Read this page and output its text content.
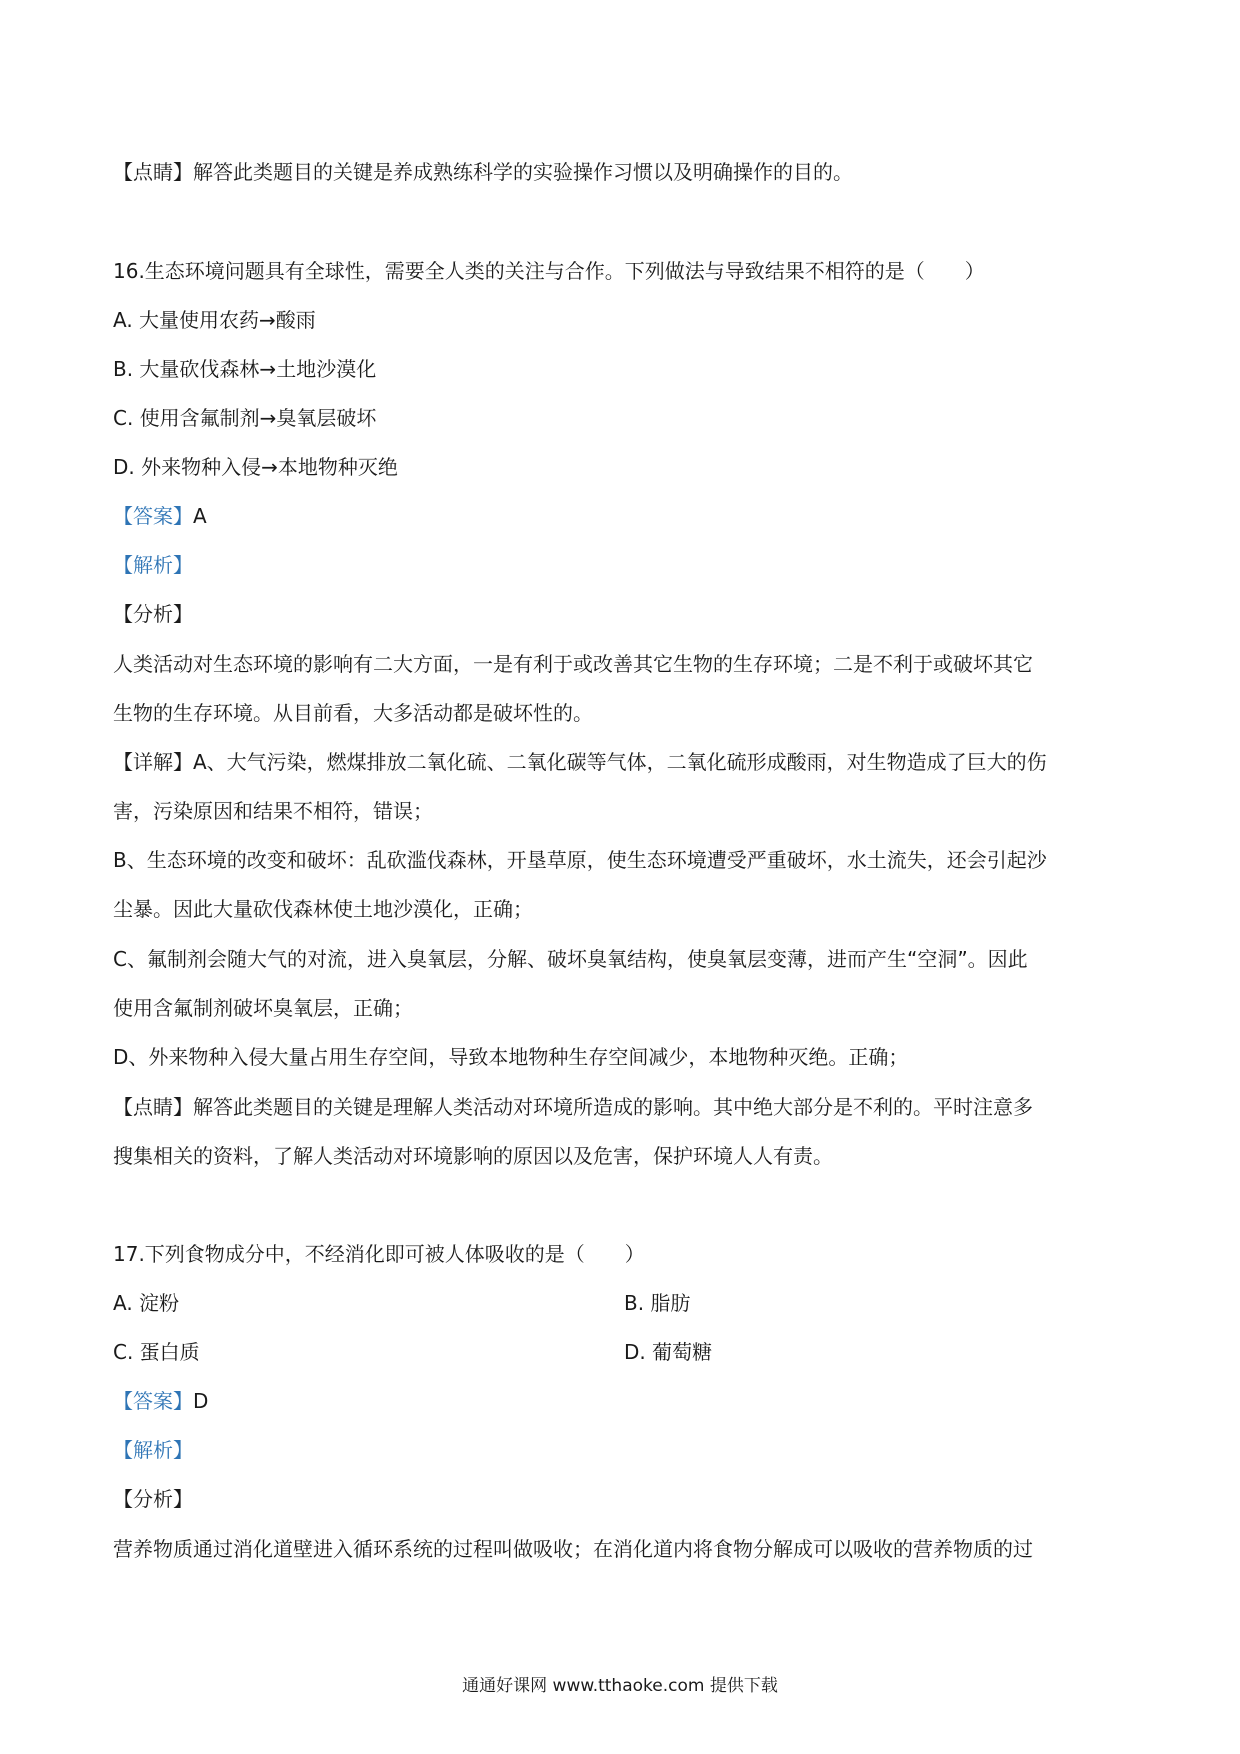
【点睛】解答此类题目的关键是养成熟练科学的实验操作习惯以及明确操作的目的。
16.生态环境问题具有全球性，需要全人类的关注与合作。下列做法与导致结果不相符的是（　　）
A. 大量使用农药→酸雨
B. 大量砍伐森林→土地沙漠化
C. 使用含氟制剂→臭氧层破坏
D. 外来物种入侵→本地物种灭绝
【答案】A
【解析】
【分析】
人类活动对生态环境的影响有二大方面，一是有利于或改善其它生物的生存环境；二是不利于或破坏其它
生物的生存环境。从目前看，大多活动都是破坏性的。
【详解】A、大气污染，燃煤排放二氧化硫、二氧化碳等气体，二氧化硫形成酸雨，对生物造成了巨大的伤
害，污染原因和结果不相符，错误；
B、生态环境的改变和破坏：乱砍滥伐森林，开垦草原，使生态环境遭受严重破坏，水土流失，还会引起沙
尘暴。因此大量砍伐森林使土地沙漠化，正确；
C、氟制剂会随大气的对流，进入臭氧层，分解、破坏臭氧结构，使臭氧层变薄，进而产生“空洞”。因此
使用含氟制剂破坏臭氧层，正确；
D、外来物种入侵大量占用生存空间，导致本地物种生存空间减少，本地物种灭绝。正确；
【点睛】解答此类题目的关键是理解人类活动对环境所造成的影响。其中绝大部分是不利的。平时注意多
搜集相关的资料，了解人类活动对环境影响的原因以及危害，保护环境人人有责。
17.下列食物成分中，不经消化即可被人体吸收的是（　　）
A. 淀粉	B. 脂肪
C. 蛋白质	D. 葡萄糖
【答案】D
【解析】
【分析】
营养物质通过消化道壁进入循环系统的过程叫做吸收；在消化道内将食物分解成可以吸收的营养物质的过
通通好课网 www.tthaoke.com 提供下载
